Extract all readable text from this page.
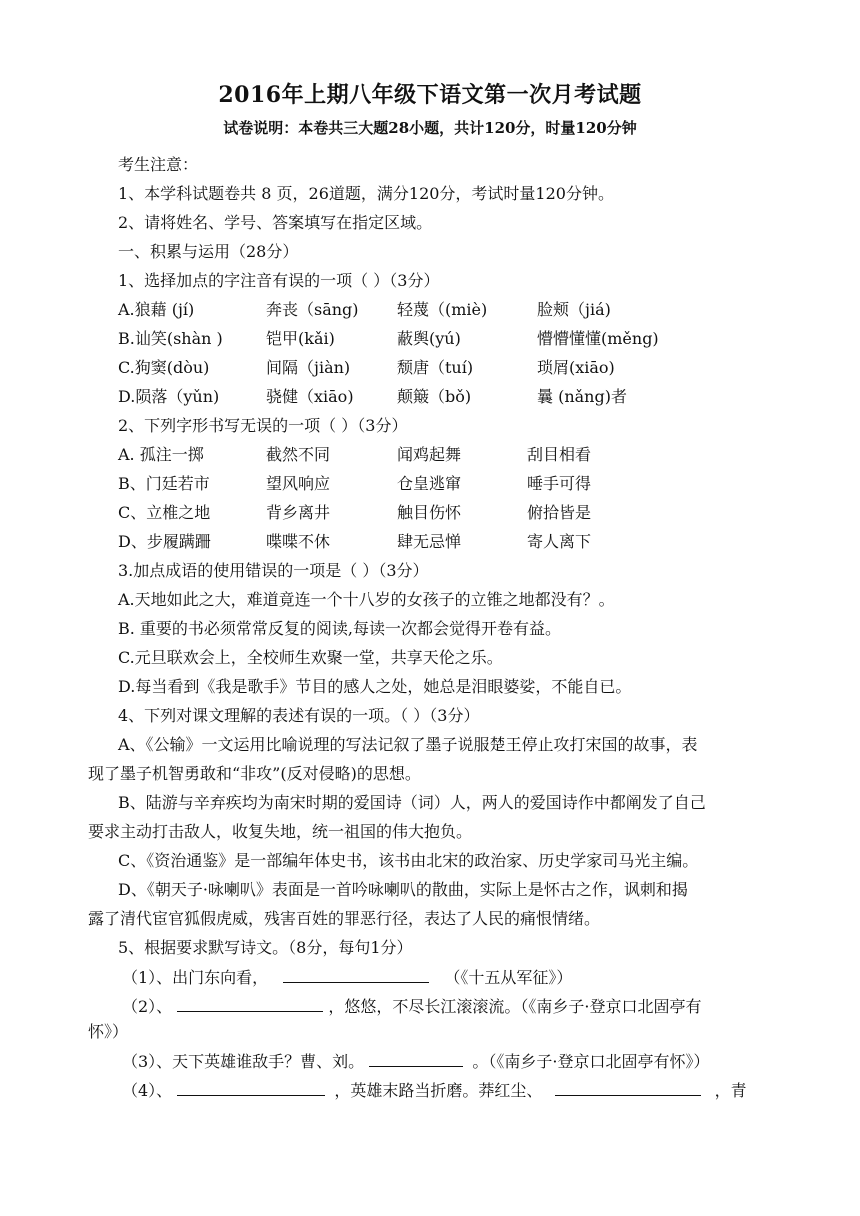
2016年上期八年级下语文第一次月考试题
试卷说明：本卷共三大题28小题，共计120分，时量120分钟
考生注意：
1、本学科试题卷共 8 页，26道题，满分120分，考试时量120分钟。
2、请将姓名、学号、答案填写在指定区域。
一、积累与运用（28分）
1、选择加点的字注音有误的一项（ ）（3分）
A.狼藉 (jí)	奔丧（sāng) 轻蔑（(miè)	脸颊（jiá)
B.讪笑(shàn )	铠甲(kǎi)	蔽舆(yú)	懵懵懂懂(měng)
C.狗窦(dòu)	间隔（jiàn)	颓唐（tuí)	琐屑(xiāo)
D.陨落（yǔn)	骁健（xiāo)	颠簸（bǒ)	曩 (nǎng)者
2、下列字形书写无误的一项（ ）（3分）
A. 孤注一掷	截然不同	闻鸡起舞	刮目相看
B、门廷若市	望风响应	仓皇逃窜	唾手可得
C、立椎之地	背乡离井	触目伤怀	俯拾皆是
D、步履蹒跚	喋喋不休	肆无忌惮	寄人离下
3.加点成语的使用错误的一项是（ ）（3分）
A.天地如此之大，难道竟连一个十八岁的女孩子的立锥之地都没有？。
B. 重要的书必须常常反复的阅读,每读一次都会觉得开卷有益。
C.元旦联欢会上，全校师生欢聚一堂，共享天伦之乐。
D.每当看到《我是歌手》节目的感人之处，她总是泪眼婆娑，不能自已。
4、下列对课文理解的表述有误的一项。（ ）（3分）
A、《公输》一文运用比喻说理的写法记叙了墨子说服楚王停止攻打宋国的故事，表
现了墨子机智勇敢和“非攻”(反对侵略)的思想。
B、陆游与辛弃疾均为南宋时期的爱国诗（词）人，两人的爱国诗作中都阐发了自己
要求主动打击敌人，收复失地，统一祖国的伟大抱负。
C、《资治通鉴》是一部编年体史书，该书由北宋的政治家、历史学家司马光主编。
D、《朝天子·咏喇叭》表面是一首吟咏喇叭的散曲，实际上是怀古之作，讽刺和揭
露了清代宦官狐假虎威，残害百姓的罪恶行径，表达了人民的痛恨情绪。
5、根据要求默写诗文。（8分，每句1分）
（1）、出门东向看，	（《十五从军征》）
（2）、	，悠悠，不尽长江滚滚流。（《南乡子·登京口北固亭有
怀》）
（3）、天下英雄谁敌手？曹、刘。	。（《南乡子·登京口北固亭有怀》）
（4）、	，英雄末路当折磨。莽红尘、	，青
